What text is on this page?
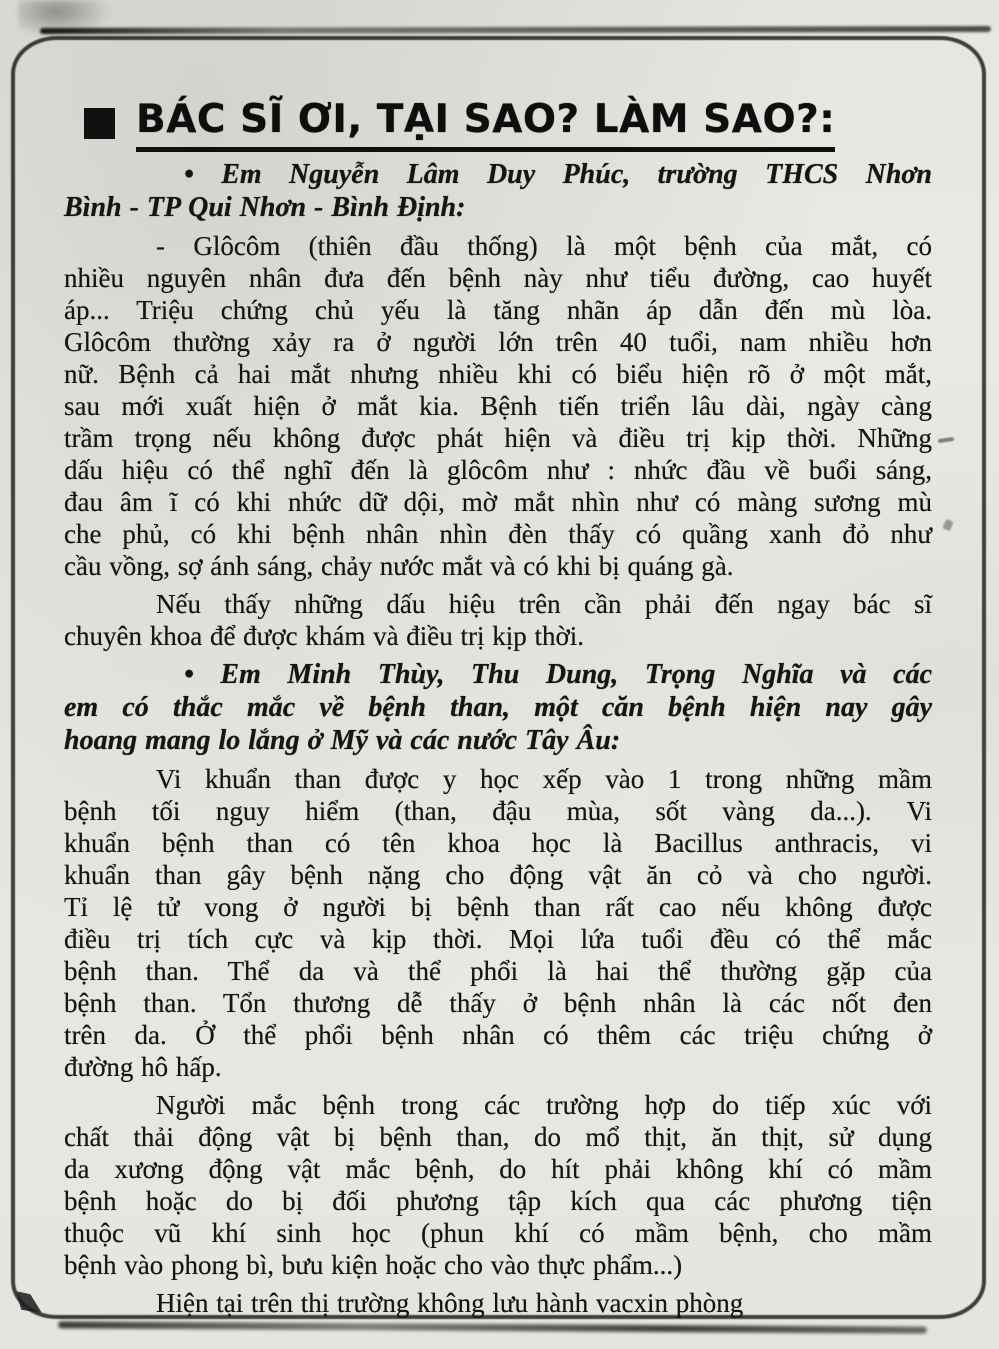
BÁC SĨ ƠI, TẠI SAO? LÀM SAO?:
• Em Nguyễn Lâm Duy Phúc, trường THCS Nhơn
Bình - TP Qui Nhơn - Bình Định:
- Glôcôm (thiên đầu thống) là một bệnh của mắt, có
nhiều nguyên nhân đưa đến bệnh này như tiểu đường, cao huyết
áp... Triệu chứng chủ yếu là tăng nhãn áp dẫn đến mù lòa.
Glôcôm thường xảy ra ở người lớn trên 40 tuổi, nam nhiều hơn
nữ. Bệnh cả hai mắt nhưng nhiều khi có biểu hiện rõ ở một mắt,
sau mới xuất hiện ở mắt kia. Bệnh tiến triển lâu dài, ngày càng
trầm trọng nếu không được phát hiện và điều trị kịp thời. Những
dấu hiệu có thể nghĩ đến là glôcôm như : nhức đầu về buổi sáng,
đau âm ĩ có khi nhức dữ dội, mờ mắt nhìn như có màng sương mù
che phủ, có khi bệnh nhân nhìn đèn thấy có quầng xanh đỏ như
cầu vồng, sợ ánh sáng, chảy nước mắt và có khi bị quáng gà.
Nếu thấy những dấu hiệu trên cần phải đến ngay bác sĩ
chuyên khoa để được khám và điều trị kịp thời.
• Em Minh Thùy, Thu Dung, Trọng Nghĩa và các
em có thắc mắc về bệnh than, một căn bệnh hiện nay gây
hoang mang lo lắng ở Mỹ và các nước Tây Âu:
Vi khuẩn than được y học xếp vào 1 trong những mầm
bệnh tối nguy hiểm (than, đậu mùa, sốt vàng da...). Vi
khuẩn bệnh than có tên khoa học là Bacillus anthracis, vi
khuẩn than gây bệnh nặng cho động vật ăn cỏ và cho người.
Tỉ lệ tử vong ở người bị bệnh than rất cao nếu không được
điều trị tích cực và kịp thời. Mọi lứa tuổi đều có thể mắc
bệnh than. Thể da và thể phổi là hai thể thường gặp của
bệnh than. Tổn thương dễ thấy ở bệnh nhân là các nốt đen
trên da. Ở thể phổi bệnh nhân có thêm các triệu chứng ở
đường hô hấp.
Người mắc bệnh trong các trường hợp do tiếp xúc với
chất thải động vật bị bệnh than, do mổ thịt, ăn thịt, sử dụng
da xương động vật mắc bệnh, do hít phải không khí có mầm
bệnh hoặc do bị đối phương tập kích qua các phương tiện
thuộc vũ khí sinh học (phun khí có mầm bệnh, cho mầm
bệnh vào phong bì, bưu kiện hoặc cho vào thực phẩm...)
Hiện tại trên thị trường không lưu hành vacxin phòng
